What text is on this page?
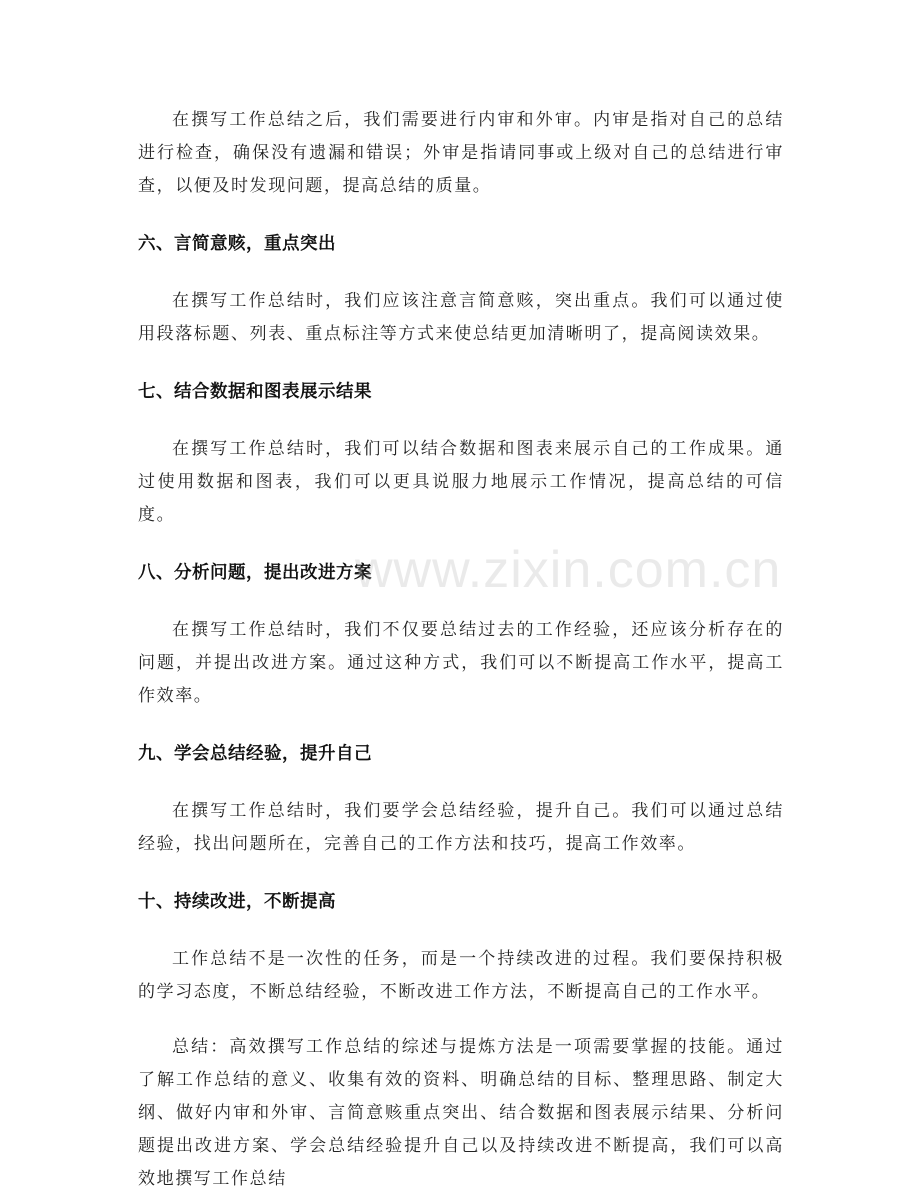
在撰写工作总结之后，我们需要进行内审和外审。内审是指对自己的总结进行检查，确保没有遗漏和错误；外审是指请同事或上级对自己的总结进行审查，以便及时发现问题，提高总结的质量。

六、言简意赅，重点突出

在撰写工作总结时，我们应该注意言简意赅，突出重点。我们可以通过使用段落标题、列表、重点标注等方式来使总结更加清晰明了，提高阅读效果。

七、结合数据和图表展示结果

在撰写工作总结时，我们可以结合数据和图表来展示自己的工作成果。通过使用数据和图表，我们可以更具说服力地展示工作情况，提高总结的可信度。

八、分析问题，提出改进方案

在撰写工作总结时，我们不仅要总结过去的工作经验，还应该分析存在的问题，并提出改进方案。通过这种方式，我们可以不断提高工作水平，提高工作效率。

九、学会总结经验，提升自己

在撰写工作总结时，我们要学会总结经验，提升自己。我们可以通过总结经验，找出问题所在，完善自己的工作方法和技巧，提高工作效率。

十、持续改进，不断提高

工作总结不是一次性的任务，而是一个持续改进的过程。我们要保持积极的学习态度，不断总结经验，不断改进工作方法，不断提高自己的工作水平。

总结：高效撰写工作总结的综述与提炼方法是一项需要掌握的技能。通过了解工作总结的意义、收集有效的资料、明确总结的目标、整理思路、制定大纲、做好内审和外审、言简意赅重点突出、结合数据和图表展示结果、分析问题提出改进方案、学会总结经验提升自己以及持续改进不断提高，我们可以高效地撰写工作总结

www.zixin.com.cn
